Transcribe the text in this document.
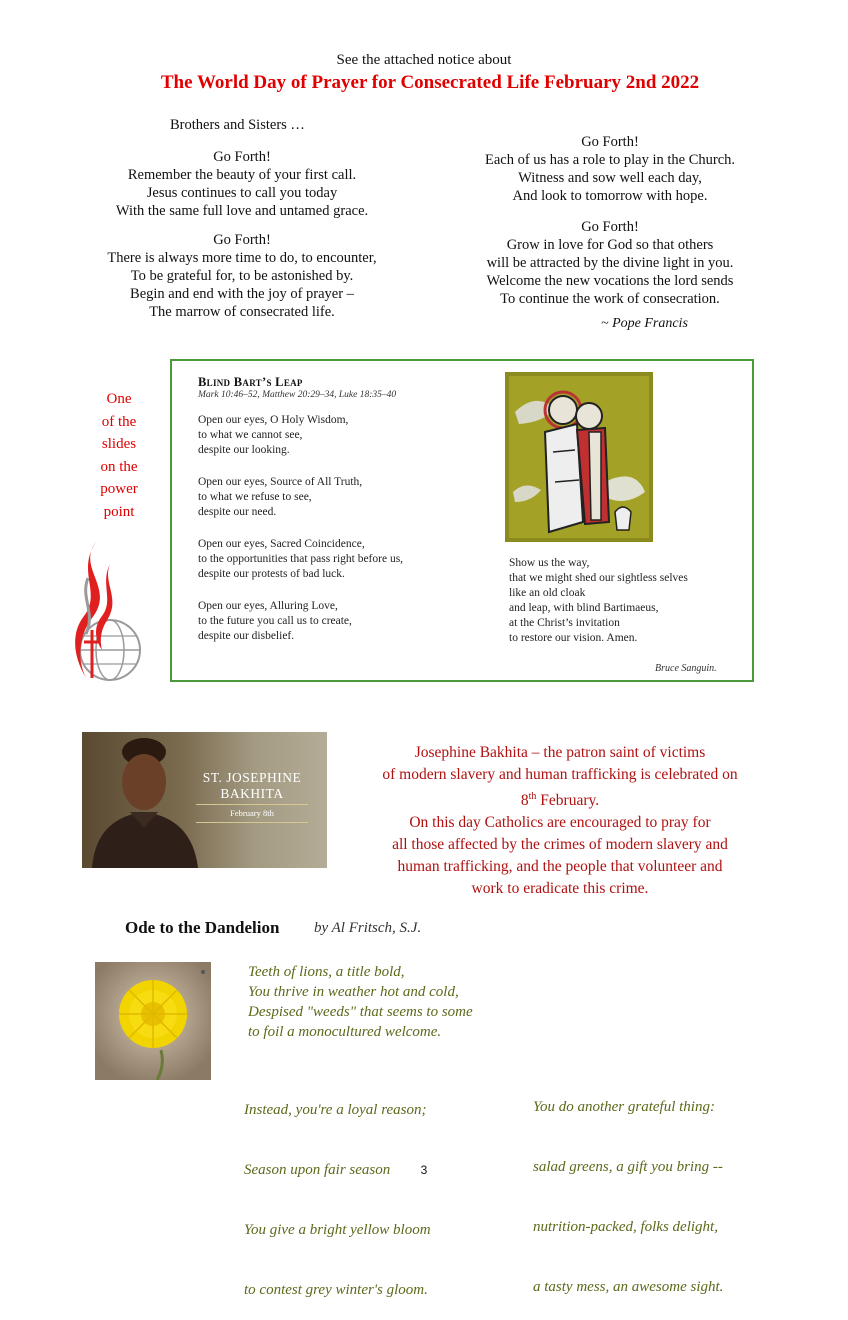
See the attached notice about
The World Day of Prayer for Consecrated Life February 2nd 2022
Brothers and Sisters …
Go Forth!
Remember the beauty of your first call.
Jesus continues to call you today
With the same full love and untamed grace.
Go Forth!
There is always more time to do, to encounter,
To be grateful for, to be astonished by.
Begin and end with the joy of prayer –
The marrow of consecrated life.
Go Forth!
Each of us has a role to play in the Church.
Witness and sow well each day,
And look to tomorrow with hope.
Go Forth!
Grow in love for God so that others
will be attracted by the divine light in you.
Welcome the new vocations the lord sends
To continue the work of consecration.
~ Pope Francis
One
of the
slides
on the
power
point
Blind Bart’s Leap
Mark 10:46–52, Matthew 20:29–34, Luke 18:35–40
Open our eyes, O Holy Wisdom,
to what we cannot see,
despite our looking.
Open our eyes, Source of All Truth,
to what we refuse to see,
despite our need.
Open our eyes, Sacred Coincidence,
to the opportunities that pass right before us,
despite our protests of bad luck.
Open our eyes, Alluring Love,
to the future you call us to create,
despite our disbelief.
Show us the way,
that we might shed our sightless selves
like an old cloak
and leap, with blind Bartimaeus,
at the Christ’s invitation
to restore our vision. Amen.
Bruce Sanguin.
ST. JOSEPHINE
BAKHITA
February 8th
Josephine Bakhita – the patron saint of victims
of modern slavery and human trafficking is celebrated on
8th February.
On this day Catholics are encouraged to pray for
all those affected by the crimes of modern slavery and
human trafficking, and the people that volunteer and
work to eradicate this crime.
Ode to the Dandelion by Al Fritsch, S.J.
Teeth of lions, a title bold,
You thrive in weather hot and cold,
Despised "weeds" that seems to some
to foil a monocultured welcome.

Instead, you're a loyal reason;

Season upon fair season

You give a bright yellow bloom

to contest grey winter's gloom.

You do another grateful thing:

salad greens, a gift you bring --

nutrition-packed, folks delight,

a tasty mess, an awesome sight.

3
